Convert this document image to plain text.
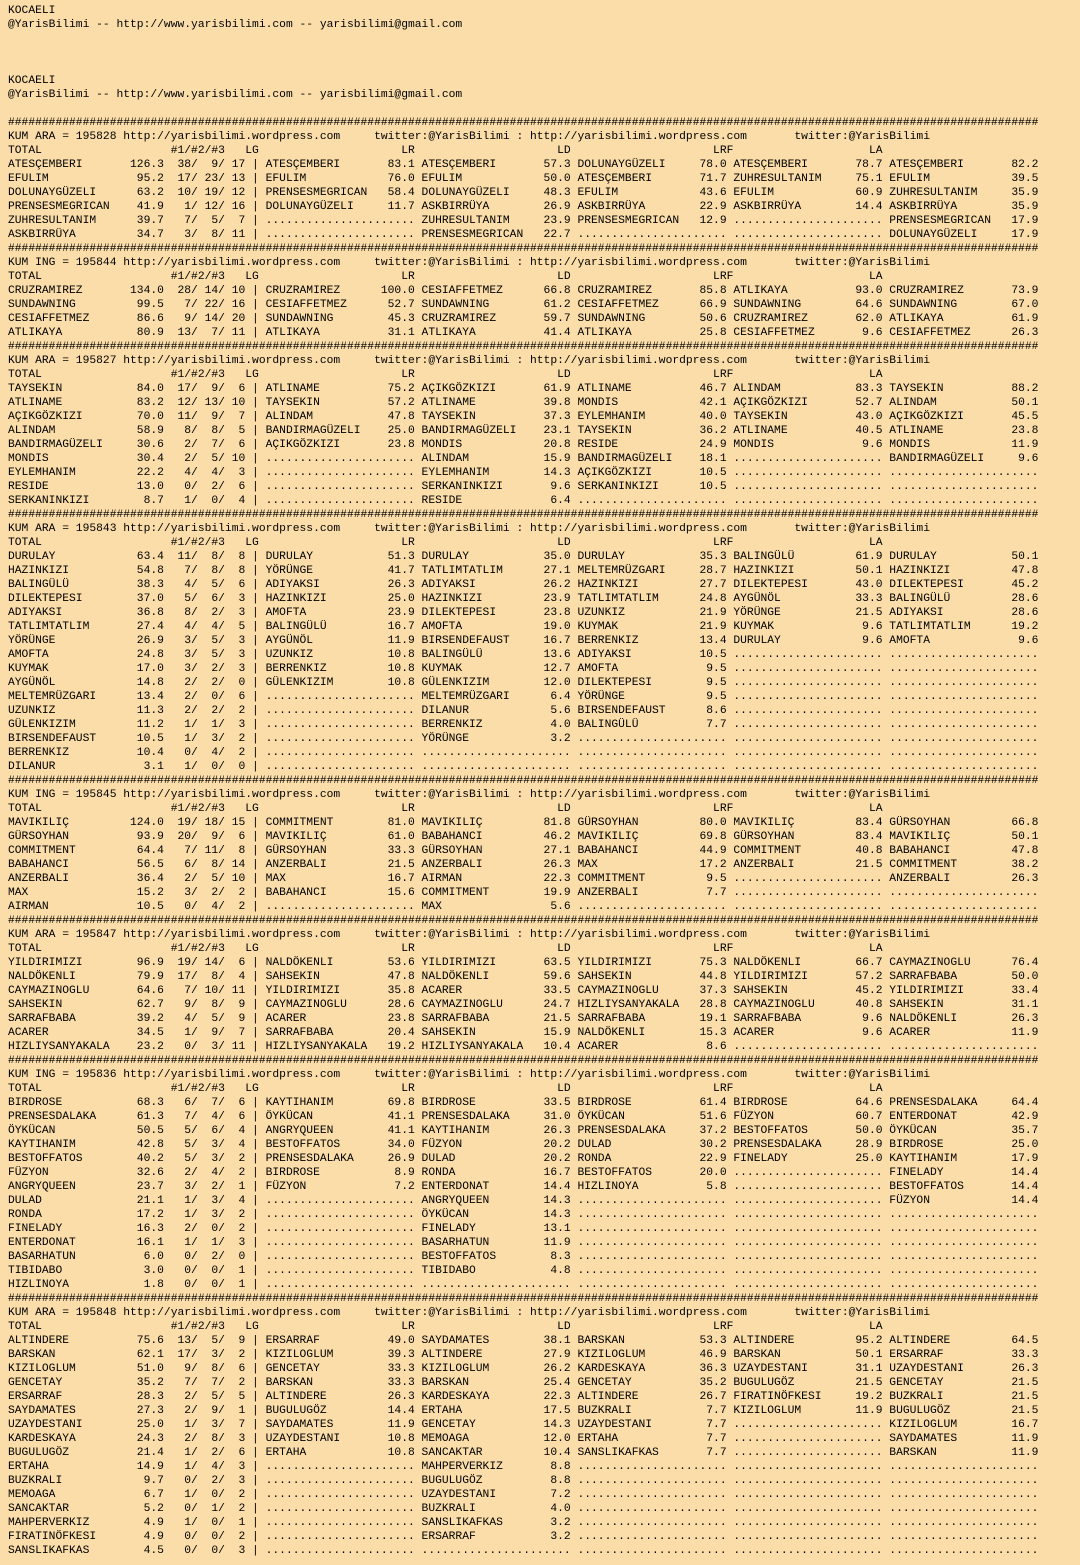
KOCAELI
@YarisBilimi -- http://www.yarisbilimi.com -- yarisbilimi@gmail.com

KOCAELI
@YarisBilimi -- http://www.yarisbilimi.com -- yarisbilimi@gmail.com

########################################################################################################################################################
KUM ARA = 195828 http://yarisbilimi.wordpress.com     twitter:@YarisBilimi : http://yarisbilimi.wordpress.com       twitter:@YarisBilimi
TOTAL                   #1/#2/#3   LG                     LR                     LD                     LRF                    LA
ATESÇEMBERI       126.3  38/  9/ 17 | ATESÇEMBERI       83.1 ATESÇEMBERI       57.3 DOLUNAYGÜZELI     78.0 ATESÇEMBERI       78.7 ATESÇEMBERI       82.2
EFULIM             95.2  17/ 23/ 13 | EFULIM            76.0 EFULIM            50.0 ATESÇEMBERI       71.7 ZUHRESULTANIM     75.1 EFULIM            39.5
DOLUNAYGÜZELI      63.2  10/ 19/ 12 | PRENSESMEGRICAN   58.4 DOLUNAYGÜZELI     48.3 EFULIM            43.6 EFULIM            60.9 ZUHRESULTANIM     35.9
PRENSESMEGRICAN    41.9   1/ 12/ 16 | DOLUNAYGÜZELI     11.7 ASKBIRRÜYA        26.9 ASKBIRRÜYA        22.9 ASKBIRRÜYA        14.4 ASKBIRRÜYA        35.9
ZUHRESULTANIM      39.7   7/  5/  7 | ...................... ZUHRESULTANIM     23.9 PRENSESMEGRICAN   12.9 ...................... PRENSESMEGRICAN   17.9
ASKBIRRÜYA         34.7   3/  8/ 11 | ...................... PRENSESMEGRICAN   22.7 ...................... ...................... DOLUNAYGÜZELI     17.9
########################################################################################################################################################
KUM ING = 195844 http://yarisbilimi.wordpress.com     twitter:@YarisBilimi : http://yarisbilimi.wordpress.com       twitter:@YarisBilimi
TOTAL                   #1/#2/#3   LG                     LR                     LD                     LRF                    LA
CRUZRAMIREZ       134.0  28/ 14/ 10 | CRUZRAMIREZ      100.0 CESIAFFETMEZ      66.8 CRUZRAMIREZ       85.8 ATLIKAYA          93.0 CRUZRAMIREZ       73.9
SUNDAWNING         99.5   7/ 22/ 16 | CESIAFFETMEZ      52.7 SUNDAWNING        61.2 CESIAFFETMEZ      66.9 SUNDAWNING        64.6 SUNDAWNING        67.0
CESIAFFETMEZ       86.6   9/ 14/ 20 | SUNDAWNING        45.3 CRUZRAMIREZ       59.7 SUNDAWNING        50.6 CRUZRAMIREZ       62.0 ATLIKAYA          61.9
ATLIKAYA           80.9  13/  7/ 11 | ATLIKAYA          31.1 ATLIKAYA          41.4 ATLIKAYA          25.8 CESIAFFETMEZ       9.6 CESIAFFETMEZ      26.3
########################################################################################################################################################
KUM ARA = 195827 http://yarisbilimi.wordpress.com     twitter:@YarisBilimi : http://yarisbilimi.wordpress.com       twitter:@YarisBilimi
TOTAL                   #1/#2/#3   LG                     LR                     LD                     LRF                    LA
TAYSEKIN           84.0  17/  9/  6 | ATLINAME          75.2 AÇIKGÖZKIZI       61.9 ATLINAME          46.7 ALINDAM           83.3 TAYSEKIN          88.2
ATLINAME           83.2  12/ 13/ 10 | TAYSEKIN          57.2 ATLINAME          39.8 MONDIS            42.1 AÇIKGÖZKIZI       52.7 ALINDAM           50.1
AÇIKGÖZKIZI        70.0  11/  9/  7 | ALINDAM           47.8 TAYSEKIN          37.3 EYLEMHANIM        40.0 TAYSEKIN          43.0 AÇIKGÖZKIZI       45.5
ALINDAM            58.9   8/  8/  5 | BANDIRMAGÜZELI    25.0 BANDIRMAGÜZELI    23.1 TAYSEKIN          36.2 ATLINAME          40.5 ATLINAME          23.8
BANDIRMAGÜZELI     30.6   2/  7/  6 | AÇIKGÖZKIZI       23.8 MONDIS            20.8 RESIDE            24.9 MONDIS             9.6 MONDIS            11.9
MONDIS             30.4   2/  5/ 10 | ...................... ALINDAM           15.9 BANDIRMAGÜZELI    18.1 ...................... BANDIRMAGÜZELI     9.6
EYLEMHANIM         22.2   4/  4/  3 | ...................... EYLEMHANIM        14.3 AÇIKGÖZKIZI       10.5 ...................... ......................
RESIDE             13.0   0/  2/  6 | ...................... SERKANINKIZI       9.6 SERKANINKIZI      10.5 ...................... ......................
SERKANINKIZI        8.7   1/  0/  4 | ...................... RESIDE             6.4 ...................... ...................... ......................
########################################################################################################################################################
KUM ARA = 195843 http://yarisbilimi.wordpress.com     twitter:@YarisBilimi : http://yarisbilimi.wordpress.com       twitter:@YarisBilimi
TOTAL                   #1/#2/#3   LG                     LR                     LD                     LRF                    LA
DURULAY            63.4  11/  8/  8 | DURULAY           51.3 DURULAY           35.0 DURULAY           35.3 BALINGÜLÜ         61.9 DURULAY           50.1
HAZINKIZI          54.8   7/  8/  8 | YÖRÜNGE           41.7 TATLIMTATLIM      27.1 MELTEMRÜZGARI     28.7 HAZINKIZI         50.1 HAZINKIZI         47.8
BALINGÜLÜ          38.3   4/  5/  6 | ADIYAKSI          26.3 ADIYAKSI          26.2 HAZINKIZI         27.7 DILEKTEPESI       43.0 DILEKTEPESI       45.2
DILEKTEPESI        37.0   5/  6/  3 | HAZINKIZI         25.0 HAZINKIZI         23.9 TATLIMTATLIM      24.8 AYGÜNÖL           33.3 BALINGÜLÜ         28.6
ADIYAKSI           36.8   8/  2/  3 | AMOFTA            23.9 DILEKTEPESI       23.8 UZUNKIZ           21.9 YÖRÜNGE           21.5 ADIYAKSI          28.6
TATLIMTATLIM       27.4   4/  4/  5 | BALINGÜLÜ         16.7 AMOFTA            19.0 KUYMAK            21.9 KUYMAK             9.6 TATLIMTATLIM      19.2
YÖRÜNGE            26.9   3/  5/  3 | AYGÜNÖL           11.9 BIRSENDEFAUST     16.7 BERRENKIZ         13.4 DURULAY            9.6 AMOFTA             9.6
AMOFTA             24.8   3/  5/  3 | UZUNKIZ           10.8 BALINGÜLÜ         13.6 ADIYAKSI          10.5 ...................... ......................
KUYMAK             17.0   3/  2/  3 | BERRENKIZ         10.8 KUYMAK            12.7 AMOFTA             9.5 ...................... ......................
AYGÜNÖL            14.8   2/  2/  0 | GÜLENKIZIM        10.8 GÜLENKIZIM        12.0 DILEKTEPESI        9.5 ...................... ......................
MELTEMRÜZGARI      13.4   2/  0/  6 | ...................... MELTEMRÜZGARI      6.4 YÖRÜNGE            9.5 ...................... ......................
UZUNKIZ            11.3   2/  2/  2 | ...................... DILANUR            5.6 BIRSENDEFAUST      8.6 ...................... ......................
GÜLENKIZIM         11.2   1/  1/  3 | ...................... BERRENKIZ          4.0 BALINGÜLÜ          7.7 ...................... ......................
BIRSENDEFAUST      10.5   1/  3/  2 | ...................... YÖRÜNGE            3.2 ...................... ...................... ......................
BERRENKIZ          10.4   0/  4/  2 | ...................... ...................... ...................... ...................... ......................
DILANUR             3.1   1/  0/  0 | ...................... ...................... ...................... ...................... ......................
########################################################################################################################################################
KUM ING = 195845 http://yarisbilimi.wordpress.com     twitter:@YarisBilimi : http://yarisbilimi.wordpress.com       twitter:@YarisBilimi
TOTAL                   #1/#2/#3   LG                     LR                     LD                     LRF                    LA
MAVIKILIÇ         124.0  19/ 18/ 15 | COMMITMENT        81.0 MAVIKILIÇ         81.8 GÜRSOYHAN         80.0 MAVIKILIÇ         83.4 GÜRSOYHAN         66.8
GÜRSOYHAN          93.9  20/  9/  6 | MAVIKILIÇ         61.0 BABAHANCI         46.2 MAVIKILIÇ         69.8 GÜRSOYHAN         83.4 MAVIKILIÇ         50.1
COMMITMENT         64.4   7/ 11/  8 | GÜRSOYHAN         33.3 GÜRSOYHAN         27.1 BABAHANCI         44.9 COMMITMENT        40.8 BABAHANCI         47.8
BABAHANCI          56.5   6/  8/ 14 | ANZERBALI         21.5 ANZERBALI         26.3 MAX               17.2 ANZERBALI         21.5 COMMITMENT        38.2
ANZERBALI          36.4   2/  5/ 10 | MAX               16.7 AIRMAN            22.3 COMMITMENT         9.5 ...................... ANZERBALI         26.3
MAX                15.2   3/  2/  2 | BABAHANCI         15.6 COMMITMENT        19.9 ANZERBALI          7.7 ...................... ......................
AIRMAN             10.5   0/  4/  2 | ...................... MAX                5.6 ...................... ...................... ......................
########################################################################################################################################################
KUM ARA = 195847 http://yarisbilimi.wordpress.com     twitter:@YarisBilimi : http://yarisbilimi.wordpress.com       twitter:@YarisBilimi
TOTAL                   #1/#2/#3   LG                     LR                     LD                     LRF                    LA
YILDIRIMIZI        96.9  19/ 14/  6 | NALDÖKENLI        53.6 YILDIRIMIZI       63.5 YILDIRIMIZI       75.3 NALDÖKENLI        66.7 CAYMAZINOGLU      76.4
NALDÖKENLI         79.9  17/  8/  4 | SAHSEKIN          47.8 NALDÖKENLI        59.6 SAHSEKIN          44.8 YILDIRIMIZI       57.2 SARRAFBABA        50.0
CAYMAZINOGLU       64.6   7/ 10/ 11 | YILDIRIMIZI       35.8 ACARER            33.5 CAYMAZINOGLU      37.3 SAHSEKIN          45.2 YILDIRIMIZI       33.4
SAHSEKIN           62.7   9/  8/  9 | CAYMAZINOGLU      28.6 CAYMAZINOGLU      24.7 HIZLIYSANYAKALA   28.8 CAYMAZINOGLU      40.8 SAHSEKIN          31.1
SARRAFBABA         39.2   4/  5/  9 | ACARER            23.8 SARRAFBABA        21.5 SARRAFBABA        19.1 SARRAFBABA         9.6 NALDÖKENLI        26.3
ACARER             34.5   1/  9/  7 | SARRAFBABA        20.4 SAHSEKIN          15.9 NALDÖKENLI        15.3 ACARER             9.6 ACARER            11.9
HIZLIYSANYAKALA    23.2   0/  3/ 11 | HIZLIYSANYAKALA   19.2 HIZLIYSANYAKALA   10.4 ACARER             8.6 ...................... ......................
########################################################################################################################################################
KUM ING = 195836 http://yarisbilimi.wordpress.com     twitter:@YarisBilimi : http://yarisbilimi.wordpress.com       twitter:@YarisBilimi
TOTAL                   #1/#2/#3   LG                     LR                     LD                     LRF                    LA
BIRDROSE           68.3   6/  7/  6 | KAYTIHANIM        69.8 BIRDROSE          33.5 BIRDROSE          61.4 BIRDROSE          64.6 PRENSESDALAKA     64.4
PRENSESDALAKA      61.3   7/  4/  6 | ÖYKÜCAN           41.1 PRENSESDALAKA     31.0 ÖYKÜCAN           51.6 FÜZYON            60.7 ENTERDONAT        42.9
ÖYKÜCAN            50.5   5/  6/  4 | ANGRYQUEEN        41.1 KAYTIHANIM        26.3 PRENSESDALAKA     37.2 BESTOFFATOS       50.0 ÖYKÜCAN           35.7
KAYTIHANIM         42.8   5/  3/  4 | BESTOFFATOS       34.0 FÜZYON            20.2 DULAD             30.2 PRENSESDALAKA     28.9 BIRDROSE          25.0
BESTOFFATOS        40.2   5/  3/  2 | PRENSESDALAKA     26.9 DULAD             20.2 RONDA             22.9 FINELADY          25.0 KAYTIHANIM        17.9
FÜZYON             32.6   2/  4/  2 | BIRDROSE           8.9 RONDA             16.7 BESTOFFATOS       20.0 ...................... FINELADY          14.4
ANGRYQUEEN         23.7   3/  2/  1 | FÜZYON             7.2 ENTERDONAT        14.4 HIZLINOYA          5.8 ...................... BESTOFFATOS       14.4
DULAD              21.1   1/  3/  4 | ...................... ANGRYQUEEN        14.3 ...................... ...................... FÜZYON            14.4
RONDA              17.2   1/  3/  2 | ...................... ÖYKÜCAN           14.3 ...................... ...................... ......................
FINELADY           16.3   2/  0/  2 | ...................... FINELADY          13.1 ...................... ...................... ......................
ENTERDONAT         16.1   1/  1/  3 | ...................... BASARHATUN        11.9 ...................... ...................... ......................
BASARHATUN          6.0   0/  2/  0 | ...................... BESTOFFATOS        8.3 ...................... ...................... ......................
TIBIDABO            3.0   0/  0/  1 | ...................... TIBIDABO           4.8 ...................... ...................... ......................
HIZLINOYA           1.8   0/  0/  1 | ...................... ...................... ...................... ...................... ......................
########################################################################################################################################################
KUM ARA = 195848 http://yarisbilimi.wordpress.com     twitter:@YarisBilimi : http://yarisbilimi.wordpress.com       twitter:@YarisBilimi
TOTAL                   #1/#2/#3   LG                     LR                     LD                     LRF                    LA
ALTINDERE          75.6  13/  5/  9 | ERSARRAF          49.0 SAYDAMATES        38.1 BARSKAN           53.3 ALTINDERE         95.2 ALTINDERE         64.5
BARSKAN            62.1  17/  3/  2 | KIZILOGLUM        39.3 ALTINDERE         27.9 KIZILOGLUM        46.9 BARSKAN           50.1 ERSARRAF          33.3
KIZILOGLUM         51.0   9/  8/  6 | GENCETAY          33.3 KIZILOGLUM        26.2 KARDESKAYA        36.3 UZAYDESTANI       31.1 UZAYDESTANI       26.3
GENCETAY           35.2   7/  7/  2 | BARSKAN           33.3 BARSKAN           25.4 GENCETAY          35.2 BUGULUGÖZ         21.5 GENCETAY          21.5
ERSARRAF           28.3   2/  5/  5 | ALTINDERE         26.3 KARDESKAYA        22.3 ALTINDERE         26.7 FIRATINÖFKESI     19.2 BUZKRALI          21.5
SAYDAMATES         27.3   2/  9/  1 | BUGULUGÖZ         14.4 ERTAHA            17.5 BUZKRALI           7.7 KIZILOGLUM        11.9 BUGULUGÖZ         21.5
UZAYDESTANI        25.0   1/  3/  7 | SAYDAMATES        11.9 GENCETAY          14.3 UZAYDESTANI        7.7 ...................... KIZILOGLUM        16.7
KARDESKAYA         24.3   2/  8/  3 | UZAYDESTANI       10.8 MEMOAGA           12.0 ERTAHA             7.7 ...................... SAYDAMATES        11.9
BUGULUGÖZ          21.4   1/  2/  6 | ERTAHA            10.8 SANCAKTAR         10.4 SANSLIKAFKAS       7.7 ...................... BARSKAN           11.9
ERTAHA             14.9   1/  4/  3 | ...................... MAHPERVERKIZ       8.8 ...................... ...................... ......................
BUZKRALI            9.7   0/  2/  3 | ...................... BUGULUGÖZ          8.8 ...................... ...................... ......................
MEMOAGA             6.7   1/  0/  2 | ...................... UZAYDESTANI        7.2 ...................... ...................... ......................
SANCAKTAR           5.2   0/  1/  2 | ...................... BUZKRALI           4.0 ...................... ...................... ......................
MAHPERVERKIZ        4.9   1/  0/  1 | ...................... SANSLIKAFKAS       3.2 ...................... ...................... ......................
FIRATINÖFKESI       4.9   0/  0/  2 | ...................... ERSARRAF           3.2 ...................... ...................... ......................
SANSLIKAFKAS        4.5   0/  0/  3 | ...................... ...................... ...................... ...................... ......................
